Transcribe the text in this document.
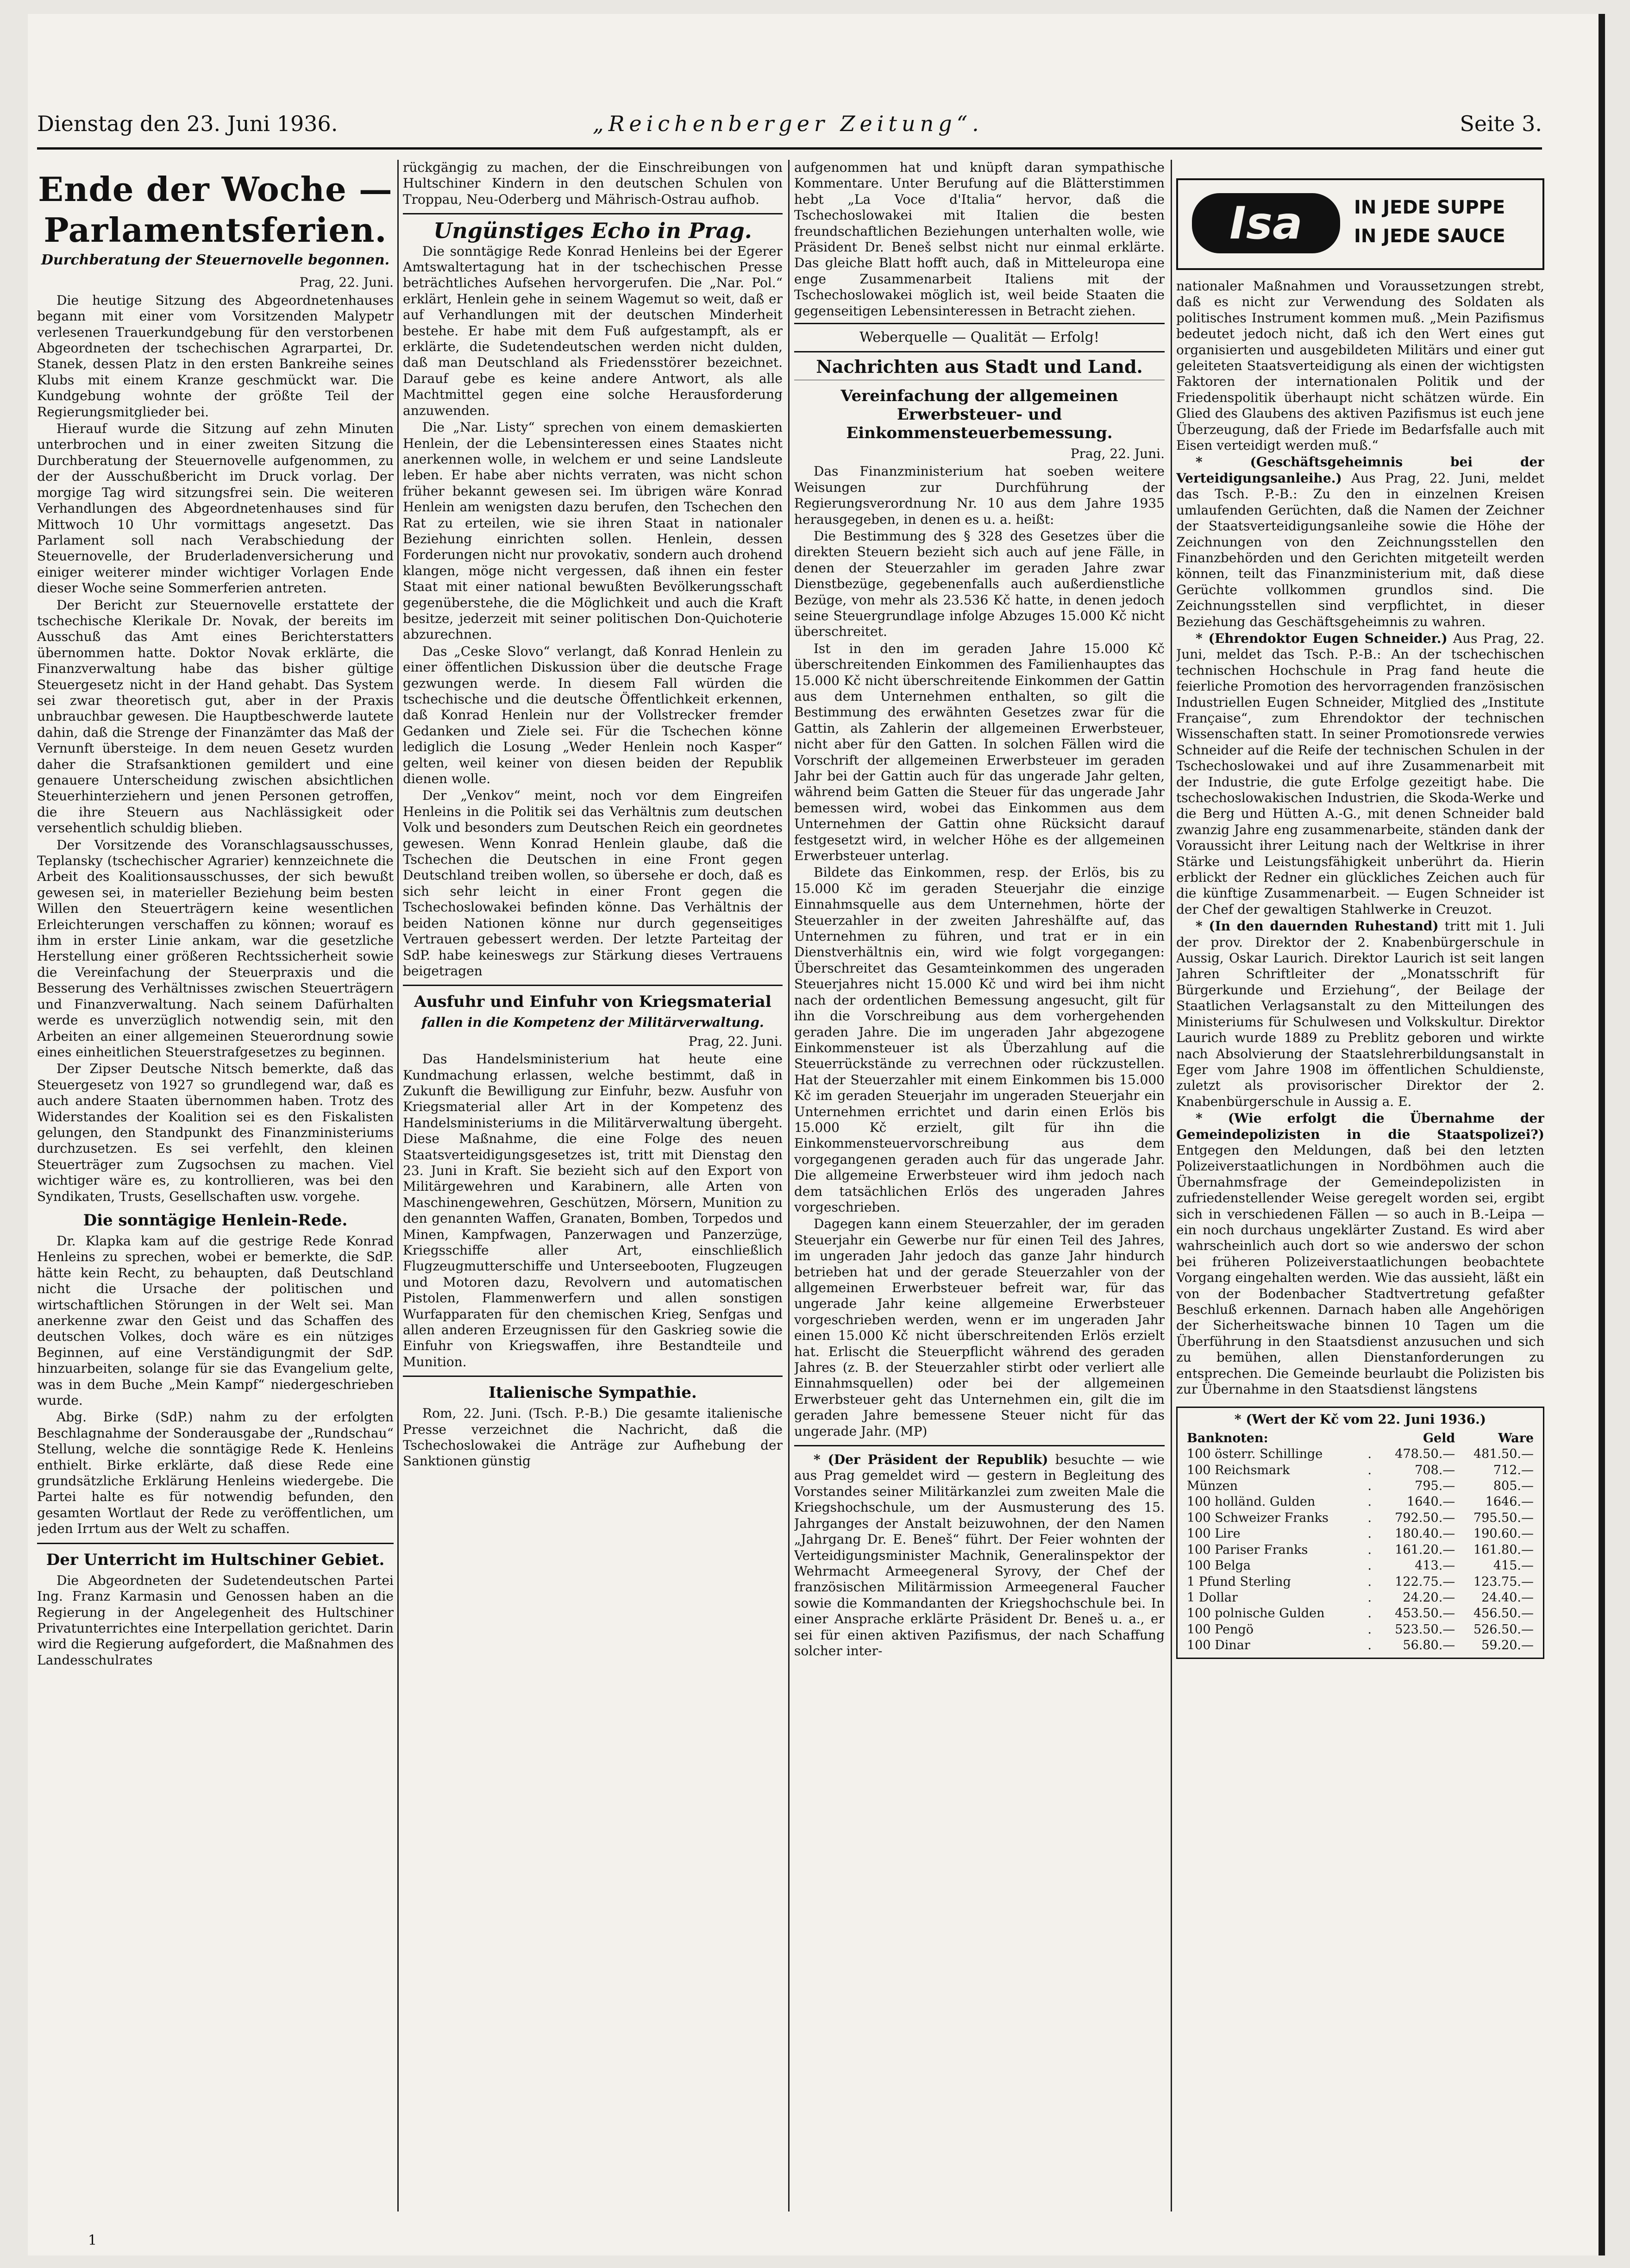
Dienstag den 23. Juni 1936.	„Reichenberger Zeitung“.	Seite 3.
Ende der Woche — Parlamentsferien.
Durchberatung der Steuernovelle begonnen.

Prag, 22. Juni.

Die heutige Sitzung des Abgeordnetenhauses begann mit einer vom Vorsitzenden Malypetr verlesenen Trauerkundgebung für den verstorbenen Abgeordneten der tschechischen Agrarpartei, Dr. Stanek, dessen Platz in den ersten Bankreihe seines Klubs mit einem Kranze geschmückt war. Die Kundgebung wohnte der größte Teil der Regierungsmitglieder bei.

Hierauf wurde die Sitzung auf zehn Minuten unterbrochen und in einer zweiten Sitzung die Durchberatung der Steuernovelle aufgenommen, zu der der Ausschußbericht im Druck vorlag. Der morgige Tag wird sitzungsfrei sein. Die weiteren Verhandlungen des Abgeordnetenhauses sind für Mittwoch 10 Uhr vormittags angesetzt. Das Parlament soll nach Verabschiedung der Steuernovelle, der Bruderladenversicherung und einiger weiterer minder wichtiger Vorlagen Ende dieser Woche seine Sommerferien antreten.

Der Bericht zur Steuernovelle erstattete der tschechische Klerikale Dr. Novak, der bereits im Ausschuß das Amt eines Berichterstatters übernommen hatte. Doktor Novak erklärte, die Finanzverwaltung habe das bisher gültige Steuergesetz nicht in der Hand gehabt. Das System sei zwar theoretisch gut, aber in der Praxis unbrauchbar gewesen. Die Hauptbeschwerde lautete dahin, daß die Strenge der Finanzämter das Maß der Vernunft übersteige. In dem neuen Gesetz wurden daher die Strafsanktionen gemildert und eine genauere Unterscheidung zwischen absichtlichen Steuerhinterziehern und jenen Personen getroffen, die ihre Steuern aus Nachlässigkeit oder versehentlich schuldig blieben.

Der Vorsitzende des Voranschlagsausschusses, Teplansky (tschechischer Agrarier) kennzeichnete die Arbeit des Koalitionsausschusses, der sich bewußt gewesen sei, in materieller Beziehung beim besten Willen den Steuerträgern keine wesentlichen Erleichterungen verschaffen zu können; worauf es ihm in erster Linie ankam, war die gesetzliche Herstellung einer größeren Rechtssicherheit sowie die Vereinfachung der Steuerpraxis und die Besserung des Verhältnisses zwischen Steuerträgern und Finanzverwaltung. Nach seinem Dafürhalten werde es unverzüglich notwendig sein, mit den Arbeiten an einer allgemeinen Steuerordnung sowie eines einheitlichen Steuerstrafgesetzes zu beginnen.

Der Zipser Deutsche Nitsch bemerkte, daß das Steuergesetz von 1927 so grundlegend war, daß es auch andere Staaten übernommen haben. Trotz des Widerstandes der Koalition sei es den Fiskalisten gelungen, den Standpunkt des Finanzministeriums durchzusetzen. Es sei verfehlt, den kleinen Steuerträger zum Zugsochsen zu machen. Viel wichtiger wäre es, zu kontrollieren, was bei den Syndikaten, Trusts, Gesellschaften usw. vorgehe.

Die sonntägige Henlein-Rede.

Dr. Klapka kam auf die gestrige Rede Konrad Henleins zu sprechen, wobei er bemerkte, die SdP. hätte kein Recht, zu behaupten, daß Deutschland nicht die Ursache der politischen und wirtschaftlichen Störungen in der Welt sei. Man anerkenne zwar den Geist und das Schaffen des deutschen Volkes, doch wäre es ein nütziges Beginnen, auf eine Verständigungmit der SdP. hinzuarbeiten, solange für sie das Evangelium gelte, was in dem Buche „Mein Kampf“ niedergeschrieben wurde.

Abg. Birke (SdP.) nahm zu der erfolgten Beschlagnahme der Sonderausgabe der „Rundschau“ Stellung, welche die sonntägige Rede K. Henleins enthielt. Birke erklärte, daß diese Rede eine grundsätzliche Erklärung Henleins wiedergebe. Die Partei halte es für notwendig befunden, den gesamten Wortlaut der Rede zu veröffentlichen, um jeden Irrtum aus der Welt zu schaffen.

Der Unterricht im Hultschiner Gebiet.

Die Abgeordneten der Sudetendeutschen Partei Ing. Franz Karmasin und Genossen haben an die Regierung in der Angelegenheit des Hultschiner Privatunterrichtes eine Interpellation gerichtet. Darin wird die Regierung aufgefordert, die Maßnahmen des Landesschulrates

rückgängig zu machen, der die Einschreibungen von Hultschiner Kindern in den deutschen Schulen von Troppau, Neu-Oderberg und Mährisch-Ostrau aufhob.

Ungünstiges Echo in Prag.

Die sonntägige Rede Konrad Henleins bei der Egerer Amtswaltertagung hat in der tschechischen Presse beträchtliches Aufsehen hervorgerufen. Die „Nar. Pol.“ erklärt, Henlein gehe in seinem Wagemut so weit, daß er auf Verhandlungen mit der deutschen Minderheit bestehe. Er habe mit dem Fuß aufgestampft, als er erklärte, die Sudetendeutschen werden nicht dulden, daß man Deutschland als Friedensstörer bezeichnet. Darauf gebe es keine andere Antwort, als alle Machtmittel gegen eine solche Herausforderung anzuwenden.

Die „Nar. Listy“ sprechen von einem demaskierten Henlein, der die Lebensinteressen eines Staates nicht anerkennen wolle, in welchem er und seine Landsleute leben. Er habe aber nichts verraten, was nicht schon früher bekannt gewesen sei. Im übrigen wäre Konrad Henlein am wenigsten dazu berufen, den Tschechen den Rat zu erteilen, wie sie ihren Staat in nationaler Beziehung einrichten sollen. Henlein, dessen Forderungen nicht nur provokativ, sondern auch drohend klangen, möge nicht vergessen, daß ihnen ein fester Staat mit einer national bewußten Bevölkerungsschaft gegenüberstehe, die die Möglichkeit und auch die Kraft besitze, jederzeit mit seiner politischen Don-Quichoterie abzurechnen.

Das „Ceske Slovo“ verlangt, daß Konrad Henlein zu einer öffentlichen Diskussion über die deutsche Frage gezwungen werde. In diesem Fall würden die tschechische und die deutsche Öffentlichkeit erkennen, daß Konrad Henlein nur der Vollstrecker fremder Gedanken und Ziele sei. Für die Tschechen könne lediglich die Losung „Weder Henlein noch Kasper“ gelten, weil keiner von diesen beiden der Republik dienen wolle.

Der „Venkov“ meint, noch vor dem Eingreifen Henleins in die Politik sei das Verhältnis zum deutschen Volk und besonders zum Deutschen Reich ein geordnetes gewesen. Wenn Konrad Henlein glaube, daß die Tschechen die Deutschen in eine Front gegen Deutschland treiben wollen, so übersehe er doch, daß es sich sehr leicht in einer Front gegen die Tschechoslowakei befinden könne. Das Verhältnis der beiden Nationen könne nur durch gegenseitiges Vertrauen gebessert werden. Der letzte Parteitag der SdP. habe keineswegs zur Stärkung dieses Vertrauens beigetragen

Ausfuhr und Einfuhr von Kriegsmaterial
fallen in die Kompetenz der Militärverwaltung.

Prag, 22. Juni.

Das Handelsministerium hat heute eine Kundmachung erlassen, welche bestimmt, daß in Zukunft die Bewilligung zur Einfuhr, bezw. Ausfuhr von Kriegsmaterial aller Art in der Kompetenz des Handelsministeriums in die Militärverwaltung übergeht. Diese Maßnahme, die eine Folge des neuen Staatsverteidigungsgesetzes ist, tritt mit Dienstag den 23. Juni in Kraft. Sie bezieht sich auf den Export von Militärgewehren und Karabinern, alle Arten von Maschinengewehren, Geschützen, Mörsern, Munition zu den genannten Waffen, Granaten, Bomben, Torpedos und Minen, Kampfwagen, Panzerwagen und Panzerzüge, Kriegsschiffe aller Art, einschließlich Flugzeugmutterschiffe und Unterseebooten, Flugzeugen und Motoren dazu, Revolvern und automatischen Pistolen, Flammenwerfern und allen sonstigen Wurfapparaten für den chemischen Krieg, Senfgas und allen anderen Erzeugnissen für den Gaskrieg sowie die Einfuhr von Kriegswaffen, ihre Bestandteile und Munition.

Italienische Sympathie.

Rom, 22. Juni. (Tsch. P.-B.) Die gesamte italienische Presse verzeichnet die Nachricht, daß die Tschechoslowakei die Anträge zur Aufhebung der Sanktionen günstig

aufgenommen hat und knüpft daran sympathische Kommentare. Unter Berufung auf die Blätterstimmen hebt „La Voce d'Italia“ hervor, daß die Tschechoslowakei mit Italien die besten freundschaftlichen Beziehungen unterhalten wolle, wie Präsident Dr. Beneš selbst nicht nur einmal erklärte. Das gleiche Blatt hofft auch, daß in Mitteleuropa eine enge Zusammenarbeit Italiens mit der Tschechoslowakei möglich ist, weil beide Staaten die gegenseitigen Lebensinteressen in Betracht ziehen.

Weberquelle — Qualität — Erfolg!
Nachrichten aus Stadt und Land.
Vereinfachung der allgemeinen Erwerbsteuer- und Einkommensteuerbemessung.

Prag, 22. Juni.

Das Finanzministerium hat soeben weitere Weisungen zur Durchführung der Regierungsverordnung Nr. 10 aus dem Jahre 1935 herausgegeben, in denen es u. a. heißt:

Die Bestimmung des § 328 des Gesetzes über die direkten Steuern bezieht sich auch auf jene Fälle, in denen der Steuerzahler im geraden Jahre zwar Dienstbezüge, gegebenenfalls auch außerdienstliche Bezüge, von mehr als 23.536 Kč hatte, in denen jedoch seine Steuergrundlage infolge Abzuges 15.000 Kč nicht überschreitet.

Ist in den im geraden Jahre 15.000 Kč überschreitenden Einkommen des Familienhauptes das 15.000 Kč nicht überschreitende Einkommen der Gattin aus dem Unternehmen enthalten, so gilt die Bestimmung des erwähnten Gesetzes zwar für die Gattin, als Zahlerin der allgemeinen Erwerbsteuer, nicht aber für den Gatten. In solchen Fällen wird die Vorschrift der allgemeinen Erwerbsteuer im geraden Jahr bei der Gattin auch für das ungerade Jahr gelten, während beim Gatten die Steuer für das ungerade Jahr bemessen wird, wobei das Einkommen aus dem Unternehmen der Gattin ohne Rücksicht darauf festgesetzt wird, in welcher Höhe es der allgemeinen Erwerbsteuer unterlag.

Bildete das Einkommen, resp. der Erlös, bis zu 15.000 Kč im geraden Steuerjahr die einzige Einnahmsquelle aus dem Unternehmen, hörte der Steuerzahler in der zweiten Jahreshälfte auf, das Unternehmen zu führen, und trat er in ein Dienstverhältnis ein, wird wie folgt vorgegangen: Überschreitet das Gesamteinkommen des ungeraden Steuerjahres nicht 15.000 Kč und wird bei ihm nicht nach der ordentlichen Bemessung angesucht, gilt für ihn die Vorschreibung aus dem vorhergehenden geraden Jahre. Die im ungeraden Jahr abgezogene Einkommensteuer ist als Überzahlung auf die Steuerrückstände zu verrechnen oder rückzustellen. Hat der Steuerzahler mit einem Einkommen bis 15.000 Kč im geraden Steuerjahr im ungeraden Steuerjahr ein Unternehmen errichtet und darin einen Erlös bis 15.000 Kč erzielt, gilt für ihn die Einkommensteuervorschreibung aus dem vorgegangenen geraden auch für das ungerade Jahr. Die allgemeine Erwerbsteuer wird ihm jedoch nach dem tatsächlichen Erlös des ungeraden Jahres vorgeschrieben.

Dagegen kann einem Steuerzahler, der im geraden Steuerjahr ein Gewerbe nur für einen Teil des Jahres, im ungeraden Jahr jedoch das ganze Jahr hindurch betrieben hat und der gerade Steuerzahler von der allgemeinen Erwerbsteuer befreit war, für das ungerade Jahr keine allgemeine Erwerbsteuer vorgeschrieben werden, wenn er im ungeraden Jahr einen 15.000 Kč nicht überschreitenden Erlös erzielt hat. Erlischt die Steuerpflicht während des geraden Jahres (z. B. der Steuerzahler stirbt oder verliert alle Einnahmsquellen) oder bei der allgemeinen Erwerbsteuer geht das Unternehmen ein, gilt die im geraden Jahre bemessene Steuer nicht für das ungerade Jahr. (MP)

* (Der Präsident der Republik) besuchte — wie aus Prag gemeldet wird — gestern in Begleitung des Vorstandes seiner Militärkanzlei zum zweiten Male die Kriegshochschule, um der Ausmusterung des 15. Jahrganges der Anstalt beizuwohnen, der den Namen „Jahrgang Dr. E. Beneš“ führt. Der Feier wohnten der Verteidigungsminister Machnik, Generalinspektor der Wehrmacht Armeegeneral Syrovy, der Chef der französischen Militärmission Armeegeneral Faucher sowie die Kommandanten der Kriegshochschule bei. In einer Ansprache erklärte Präsident Dr. Beneš u. a., er sei für einen aktiven Pazifismus, der nach Schaffung solcher inter-

Isa	IN JEDE SUPPE
IN JEDE SAUCE

nationaler Maßnahmen und Voraussetzungen strebt, daß es nicht zur Verwendung des Soldaten als politisches Instrument kommen muß. „Mein Pazifismus bedeutet jedoch nicht, daß ich den Wert eines gut organisierten und ausgebildeten Militärs und einer gut geleiteten Staatsverteidigung als einen der wichtigsten Faktoren der internationalen Politik und der Friedenspolitik überhaupt nicht schätzen würde. Ein Glied des Glaubens des aktiven Pazifismus ist euch jene Überzeugung, daß der Friede im Bedarfsfalle auch mit Eisen verteidigt werden muß.“

* (Geschäftsgeheimnis bei der Verteidigungsanleihe.) Aus Prag, 22. Juni, meldet das Tsch. P.-B.: Zu den in einzelnen Kreisen umlaufenden Gerüchten, daß die Namen der Zeichner der Staatsverteidigungsanleihe sowie die Höhe der Zeichnungen von den Zeichnungsstellen den Finanzbehörden und den Gerichten mitgeteilt werden können, teilt das Finanzministerium mit, daß diese Gerüchte vollkommen grundlos sind. Die Zeichnungsstellen sind verpflichtet, in dieser Beziehung das Geschäftsgeheimnis zu wahren.

* (Ehrendoktor Eugen Schneider.) Aus Prag, 22. Juni, meldet das Tsch. P.-B.: An der tschechischen technischen Hochschule in Prag fand heute die feierliche Promotion des hervorragenden französischen Industriellen Eugen Schneider, Mitglied des „Institute Française“, zum Ehrendoktor der technischen Wissenschaften statt. In seiner Promotionsrede verwies Schneider auf die Reife der technischen Schulen in der Tschechoslowakei und auf ihre Zusammenarbeit mit der Industrie, die gute Erfolge gezeitigt habe. Die tschechoslowakischen Industrien, die Skoda-Werke und die Berg und Hütten A.-G., mit denen Schneider bald zwanzig Jahre eng zusammenarbeite, ständen dank der Voraussicht ihrer Leitung nach der Weltkrise in ihrer Stärke und Leistungsfähigkeit unberührt da. Hierin erblickt der Redner ein glückliches Zeichen auch für die künftige Zusammenarbeit. — Eugen Schneider ist der Chef der gewaltigen Stahlwerke in Creuzot.

* (In den dauernden Ruhestand) tritt mit 1. Juli der prov. Direktor der 2. Knabenbürgerschule in Aussig, Oskar Laurich. Direktor Laurich ist seit langen Jahren Schriftleiter der „Monatsschrift für Bürgerkunde und Erziehung“, der Beilage der Staatlichen Verlagsanstalt zu den Mitteilungen des Ministeriums für Schulwesen und Volkskultur. Direktor Laurich wurde 1889 zu Preblitz geboren und wirkte nach Absolvierung der Staatslehrerbildungsanstalt in Eger vom Jahre 1908 im öffentlichen Schuldienste, zuletzt als provisorischer Direktor der 2. Knabenbürgerschule in Aussig a. E.

* (Wie erfolgt die Übernahme der Gemeindepolizisten in die Staatspolizei?) Entgegen den Meldungen, daß bei den letzten Polizeiverstaatlichungen in Nordböhmen auch die Übernahmsfrage der Gemeindepolizisten in zufriedenstellender Weise geregelt worden sei, ergibt sich in verschiedenen Fällen — so auch in B.-Leipa — ein noch durchaus ungeklärter Zustand. Es wird aber wahrscheinlich auch dort so wie anderswo der schon bei früheren Polizeiverstaatlichungen beobachtete Vorgang eingehalten werden. Wie das aussieht, läßt ein von der Bodenbacher Stadtvertretung gefaßter Beschluß erkennen. Darnach haben alle Angehörigen der Sicherheitswache binnen 10 Tagen um die Überführung in den Staatsdienst anzusuchen und sich zu bemühen, allen Dienstanforderungen zu entsprechen. Die Gemeinde beurlaubt die Polizisten bis zur Übernahme in den Staatsdienst längstens

* (Wert der Kč vom 22. Juni 1936.)
Banknoten:		Geld	Ware
100 österr. Schillinge	.	478.50.—	481.50.—
100 Reichsmark	.	708.—	712.—
Münzen	.	795.—	805.—
100 holländ. Gulden	.	1640.—	1646.—
100 Schweizer Franks	.	792.50.—	795.50.—
100 Lire	.	180.40.—	190.60.—
100 Pariser Franks	.	161.20.—	161.80.—
100 Belga	.	413.—	415.—
1 Pfund Sterling	.	122.75.—	123.75.—
1 Dollar	.	24.20.—	24.40.—
100 polnische Gulden	.	453.50.—	456.50.—
100 Pengö	.	523.50.—	526.50.—
100 Dinar	.	56.80.—	59.20.—
1
